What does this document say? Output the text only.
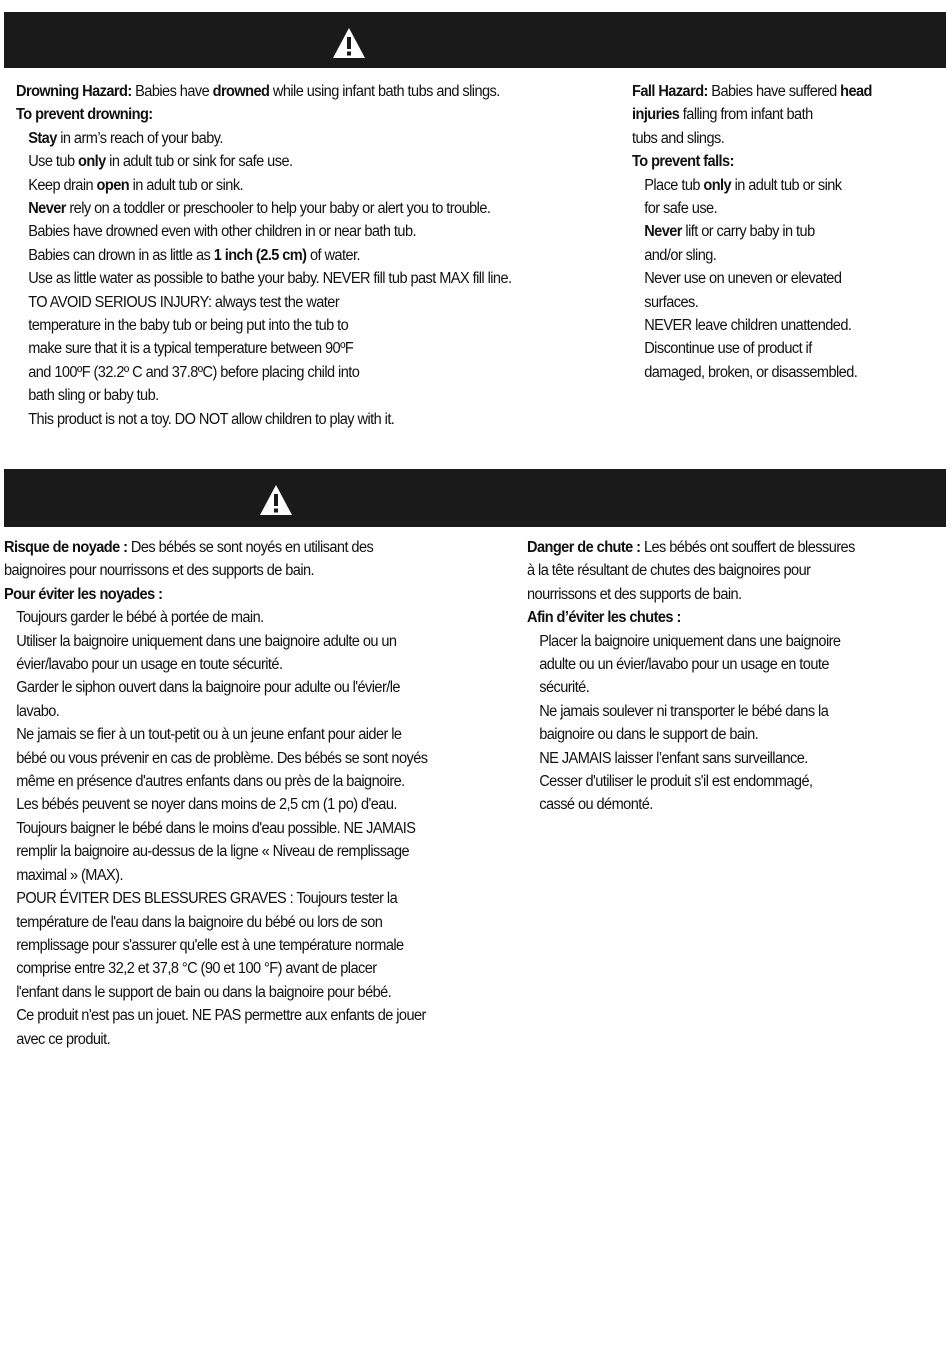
Drowning Hazard: Babies have drowned while using infant bath tubs and slings.

To prevent drowning:

Stay in arm’s reach of your baby.

Use tub only in adult tub or sink for safe use.

Keep drain open in adult tub or sink.

Never rely on a toddler or preschooler to help your baby or alert you to trouble.

Babies have drowned even with other children in or near bath tub.

Babies can drown in as little as 1 inch (2.5 cm) of water.

Use as little water as possible to bathe your baby. NEVER fill tub past MAX fill line.

TO AVOID SERIOUS INJURY: always test the water

temperature in the baby tub or being put into the tub to

make sure that it is a typical temperature between 90ºF

and 100ºF (32.2º C and 37.8ºC) before placing child into

bath sling or baby tub.

This product is not a toy. DO NOT allow children to play with it.

Fall Hazard: Babies have suffered head

injuries falling from infant bath

tubs and slings.

To prevent falls:

Place tub only in adult tub or sink

for safe use.

Never lift or carry baby in tub

and/or sling.

Never use on uneven or elevated

surfaces.

NEVER leave children unattended.

Discontinue use of product if

damaged, broken, or disassembled.

Risque de noyade : Des bébés se sont noyés en utilisant des

baignoires pour nourrissons et des supports de bain.

Pour éviter les noyades :

Toujours garder le bébé à portée de main.

Utiliser la baignoire uniquement dans une baignoire adulte ou un

évier/lavabo pour un usage en toute sécurité.

Garder le siphon ouvert dans la baignoire pour adulte ou l'évier/le

lavabo.

Ne jamais se fier à un tout-petit ou à un jeune enfant pour aider le

bébé ou vous prévenir en cas de problème. Des bébés se sont noyés

même en présence d'autres enfants dans ou près de la baignoire.

Les bébés peuvent se noyer dans moins de 2,5 cm (1 po) d'eau.

Toujours baigner le bébé dans le moins d'eau possible. NE JAMAIS

remplir la baignoire au-dessus de la ligne « Niveau de remplissage

maximal » (MAX).

POUR ÉVITER DES BLESSURES GRAVES : Toujours tester la

température de l'eau dans la baignoire du bébé ou lors de son

remplissage pour s'assurer qu'elle est à une température normale

comprise entre 32,2 et 37,8 °C (90 et 100 °F) avant de placer

l'enfant dans le support de bain ou dans la baignoire pour bébé.

Ce produit n'est pas un jouet. NE PAS permettre aux enfants de jouer

avec ce produit.

Danger de chute : Les bébés ont souffert de blessures

à la tête résultant de chutes des baignoires pour

nourrissons et des supports de bain.

Afin d’éviter les chutes :

Placer la baignoire uniquement dans une baignoire

adulte ou un évier/lavabo pour un usage en toute

sécurité.

Ne jamais soulever ni transporter le bébé dans la

baignoire ou dans le support de bain.

NE JAMAIS laisser l’enfant sans surveillance.

Cesser d'utiliser le produit s'il est endommagé,

cassé ou démonté.
